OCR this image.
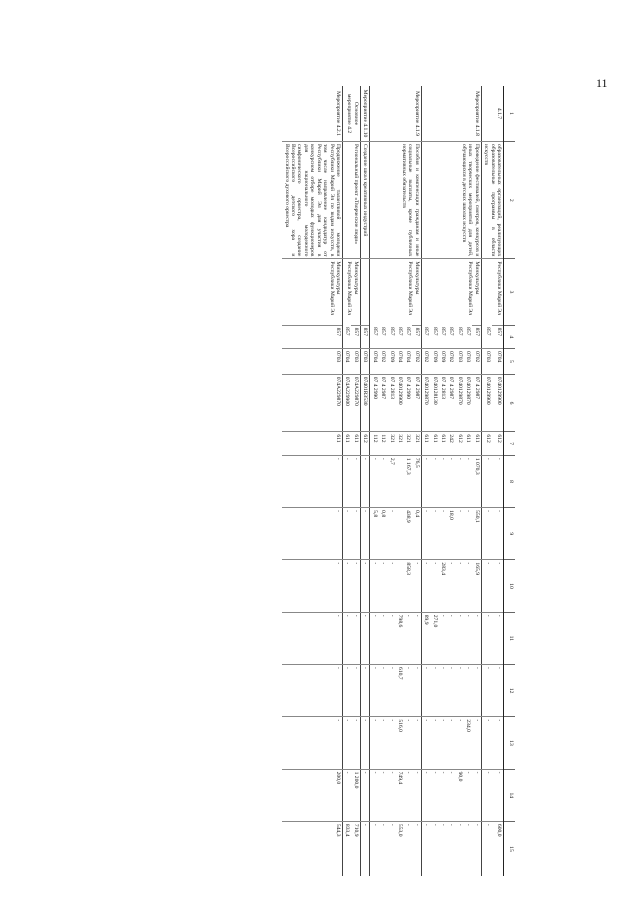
11
1	2	3	4	5	6	7	8	9	10	11	12	13	14	15
4.1.7	образовательных организаций, реализующих образовательные программы в области искусств	Республики Марий Эл	857	0704	0740129900	612	-	-	-	-	-	-	-	600,0
			857	0703	0740129900	612	-	-	-	-	-	-	-	-
Мероприятие 4.1.8	Проведение фестивалей, смотров, конкурсов и иных творческих мероприятий для детей, обучающихся в детских школах искусств	Минкультуры Республики Марий Эл	857	0702	07 4 2987	611	1 070,3	550,1	165,9	-	-	-	-	-
			857	0703	0740129870	611	-	-	-	-	-	234,0	-	-
			857	0703	0740129870	612	-	-	-	-	-	-	90,0	-
			857	0702	07 4 2987	242	-	18,0	-	-	-	-	-	-
			857	0709	07 4 2813	611	-	-	283,4	-	-	-	-	-
			857	0709	0740128130	611	-	-	-	271,0	-	-	-	-
			857	0702	0740129870	611	-	-	-	89,9	-	-	-	-
Мероприятие 4.1.9	Пособия и компенсации гражданам и иные социальные выплаты, кроме публичных нормативных обязательств	Минкультуры Республики Марий Эл	857	0702	07 4 2987	321	76,5	0,4	-	-	-	-	-	-
			857	0704	07 4 2990	321	1 167,3	438,9	858,3	-	-	-	-	-
			857	0704	0740129900	321				798,6	610,7	516,0	749,4	553,0
			857	0709	07 4 2813	321	2,7	-	-	-	-	-	-	-
			857	0702	07 4 2987	112	-	0,8	-	-	-	-	-	-
			857	0704	07 4 2990	112	-	5,8	-	-	-	-	-	-
Мероприятие 4.1.10	Создание школ креативных индустрий		857	0703	07401R3530	612	-	-	-	-	-	-	-	-
Основное мероприятие 4.2	Региональный проект «Творческие люди»	Минкультуры Республики Марий Эл	857	0703	074A229870	611	-	-	-	-	-	-	1 200,0	710,9
			857	0704	074A229900	611	-	-	-	-	-	-	-	833,4
Мероприятие 4.2.1	Продвижение талантливой молодежи Республики Марий Эл по видам искусств, в том числе направление кандидатур от Республики Марий Эл для участия в конкурсном отборе молодых функционеров для национального молодежного симфонического оркестра, создание Всероссийского детского хора и Всероссийского духового оркестра	Минкультуры Республики Марий Эл	857	0703	074A229870	611	-	-	-	-	-	-	200,0	544,3
